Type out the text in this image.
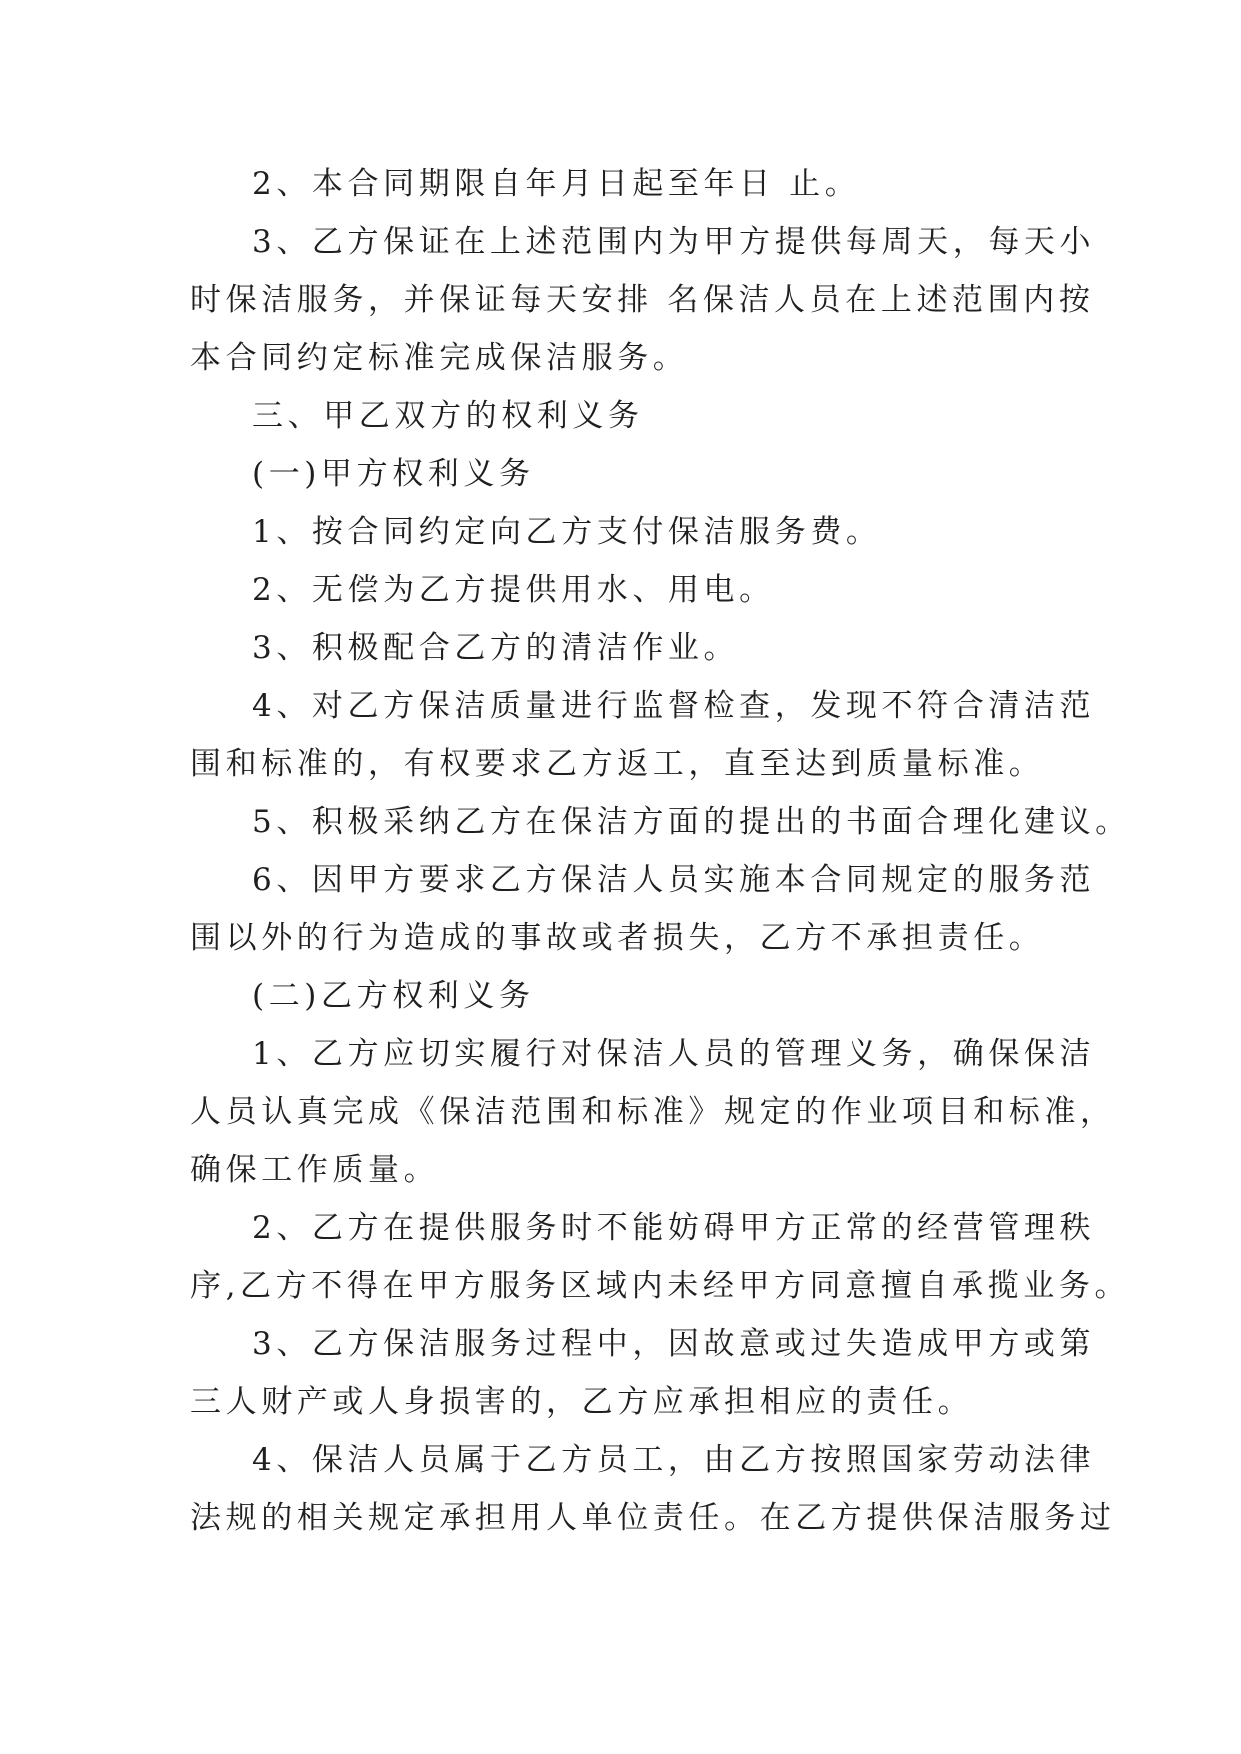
2、本合同期限自年月日起至年日 止。
3、乙方保证在上述范围内为甲方提供每周天，每天小
时保洁服务，并保证每天安排 名保洁人员在上述范围内按
本合同约定标准完成保洁服务。
三、甲乙双方的权利义务
(一)甲方权利义务
1、按合同约定向乙方支付保洁服务费。
2、无偿为乙方提供用水、用电。
3、积极配合乙方的清洁作业。
4、对乙方保洁质量进行监督检查，发现不符合清洁范
围和标准的，有权要求乙方返工，直至达到质量标准。
5、积极采纳乙方在保洁方面的提出的书面合理化建议。
6、因甲方要求乙方保洁人员实施本合同规定的服务范
围以外的行为造成的事故或者损失，乙方不承担责任。
(二)乙方权利义务
1、乙方应切实履行对保洁人员的管理义务，确保保洁
人员认真完成《保洁范围和标准》规定的作业项目和标准，
确保工作质量。
2、乙方在提供服务时不能妨碍甲方正常的经营管理秩
序,乙方不得在甲方服务区域内未经甲方同意擅自承揽业务。
3、乙方保洁服务过程中，因故意或过失造成甲方或第
三人财产或人身损害的，乙方应承担相应的责任。
4、保洁人员属于乙方员工，由乙方按照国家劳动法律
法规的相关规定承担用人单位责任。在乙方提供保洁服务过
